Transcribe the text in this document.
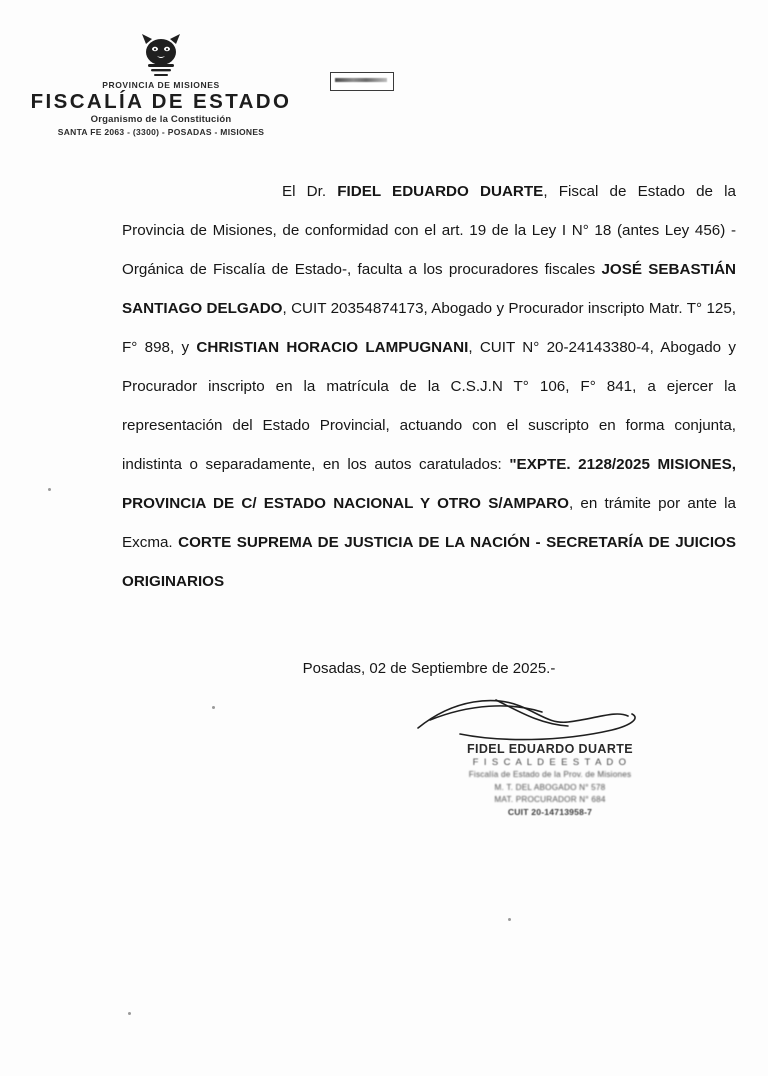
PROVINCIA DE MISIONES
FISCALÍA DE ESTADO
Organismo de la Constitución
SANTA FE 2063 - (3300) - POSADAS - MISIONES

El Dr. FIDEL EDUARDO DUARTE, Fiscal de Estado de la Provincia de Misiones, de conformidad con el art. 19 de la Ley I N° 18 (antes Ley 456) -Orgánica de Fiscalía de Estado-, faculta a los procuradores fiscales JOSÉ SEBASTIÁN SANTIAGO DELGADO, CUIT 20354874173, Abogado y Procurador inscripto Matr. T° 125, F° 898, y CHRISTIAN HORACIO LAMPUGNANI, CUIT N° 20-24143380-4, Abogado y Procurador inscripto en la matrícula de la C.S.J.N T° 106, F° 841, a ejercer la representación del Estado Provincial, actuando con el suscripto en forma conjunta, indistinta o separadamente, en los autos caratulados: "EXPTE. 2128/2025 MISIONES, PROVINCIA DE C/ ESTADO NACIONAL Y OTRO S/AMPARO, en trámite por ante la Excma. CORTE SUPREMA DE JUSTICIA DE LA NACIÓN - SECRETARÍA DE JUICIOS ORIGINARIOS

Posadas, 02 de Septiembre de 2025.-
FIDEL EDUARDO DUARTE
F I S C A L D E E S T A D O
Fiscalía de Estado de la Prov. de Misiones
M. T. DEL ABOGADO N° 578
MAT. PROCURADOR N° 684
CUIT 20-14713958-7
